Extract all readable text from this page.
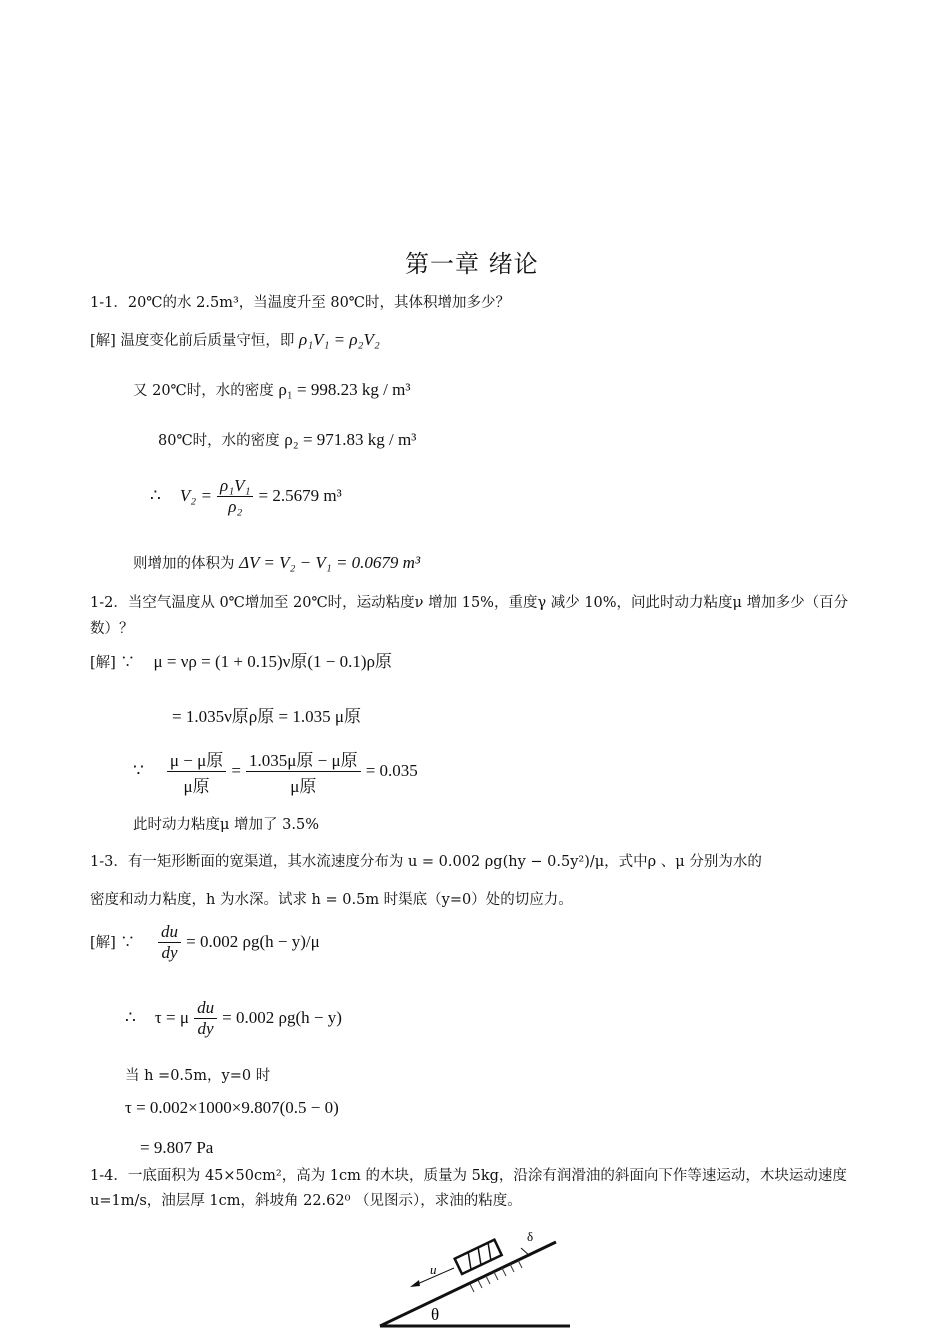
第一章 绪论
1-1．20℃的水 2.5m³，当温度升至 80℃时，其体积增加多少？
[解] 温度变化前后质量守恒，即 ρ₁V₁ = ρ₂V₂
又 20℃时，水的密度 ρ₁ = 998.23 kg / m³
80℃时，水的密度 ρ₂ = 971.83 kg / m³
∴ $V_2 = \frac{\text{ρ₁V₁}}{\text{ρ₂}} = 2.5679$ m³
则增加的体积为 ΔV = V₂ − V₁ = 0.0679 m³
1-2．当空气温度从 0℃增加至 20℃时，运动粘度ν 增加 15%，重度γ 减少 10%，问此时动力粘度μ 增加多少（百分数）？
[解] ∵ μ = νρ = (1 + 0.15)ν原(1 − 0.1)ρ原
= 1.035ν原ρ原 = 1.035 μ原
∵ $\frac{\text{μ − μ原}}{\text{μ原}} = \frac{\text{1.035μ原 − μ原}}{\text{μ原}} = 0.035$
此时动力粘度μ 增加了 3.5%
1-3．有一矩形断面的宽渠道，其水流速度分布为 u = 0.002 ρg(hy − 0.5y²)/μ，式中ρ 、μ 分别为水的
密度和动力粘度，h 为水深。试求 h = 0.5m 时渠底（y=0）处的切应力。
[解] ∵ $\frac{du}{dy} = 0.002$ ρg(h − y)/μ
∴ τ = μ $\frac{du}{dy} = 0.002$ ρg(h − y)
当 h =0.5m，y=0 时
τ = 0.002×1000×9.807(0.5 − 0)
= 9.807 Pa
1-4．一底面积为 45×50cm²，高为 1cm 的木块，质量为 5kg，沿涂有润滑油的斜面向下作等速运动，木块运动速度 u=1m/s，油层厚 1cm，斜坡角 22.62⁰ （见图示），求油的粘度。
u
δ
θ
